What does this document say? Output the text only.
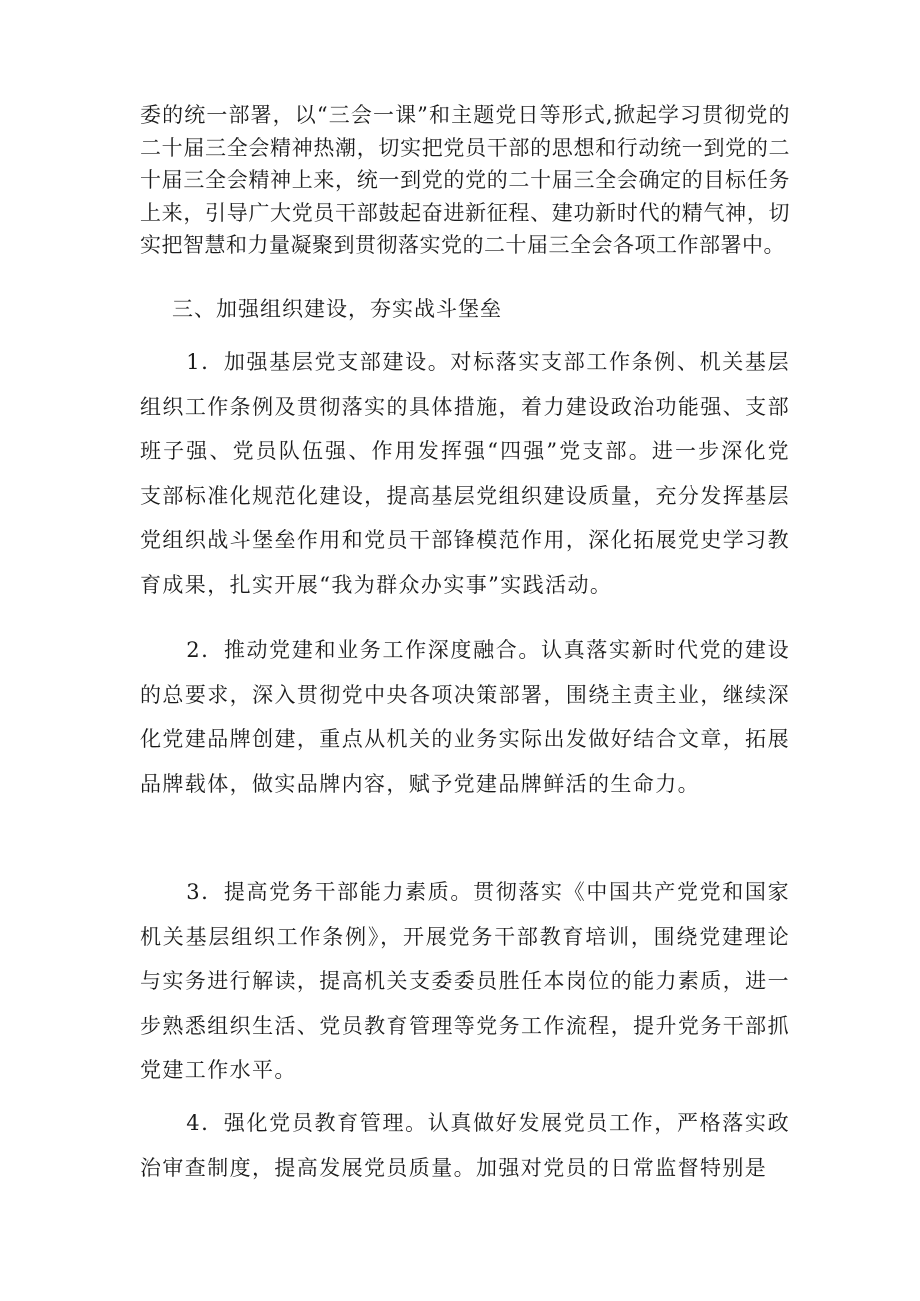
委的统一部署，以“三会一课”和主题党日等形式,掀起学习贯彻党的二十届三全会精神热潮，切实把党员干部的思想和行动统一到党的二十届三全会精神上来，统一到党的党的二十届三全会确定的目标任务上来，引导广大党员干部鼓起奋进新征程、建功新时代的精气神，切实把智慧和力量凝聚到贯彻落实党的二十届三全会各项工作部署中。

三、加强组织建设，夯实战斗堡垒

1．加强基层党支部建设。对标落实支部工作条例、机关基层组织工作条例及贯彻落实的具体措施，着力建设政治功能强、支部班子强、党员队伍强、作用发挥强“四强”党支部。进一步深化党支部标准化规范化建设，提高基层党组织建设质量，充分发挥基层党组织战斗堡垒作用和党员干部锋模范作用，深化拓展党史学习教育成果，扎实开展“我为群众办实事”实践活动。

2．推动党建和业务工作深度融合。认真落实新时代党的建设的总要求，深入贯彻党中央各项决策部署，围绕主责主业，继续深化党建品牌创建，重点从机关的业务实际出发做好结合文章，拓展品牌载体，做实品牌内容，赋予党建品牌鲜活的生命力。

3．提高党务干部能力素质。贯彻落实《中国共产党党和国家机关基层组织工作条例》，开展党务干部教育培训，围绕党建理论与实务进行解读，提高机关支委委员胜任本岗位的能力素质，进一步熟悉组织生活、党员教育管理等党务工作流程，提升党务干部抓党建工作水平。

4．强化党员教育管理。认真做好发展党员工作，严格落实政治审查制度，提高发展党员质量。加强对党员的日常监督特别是
